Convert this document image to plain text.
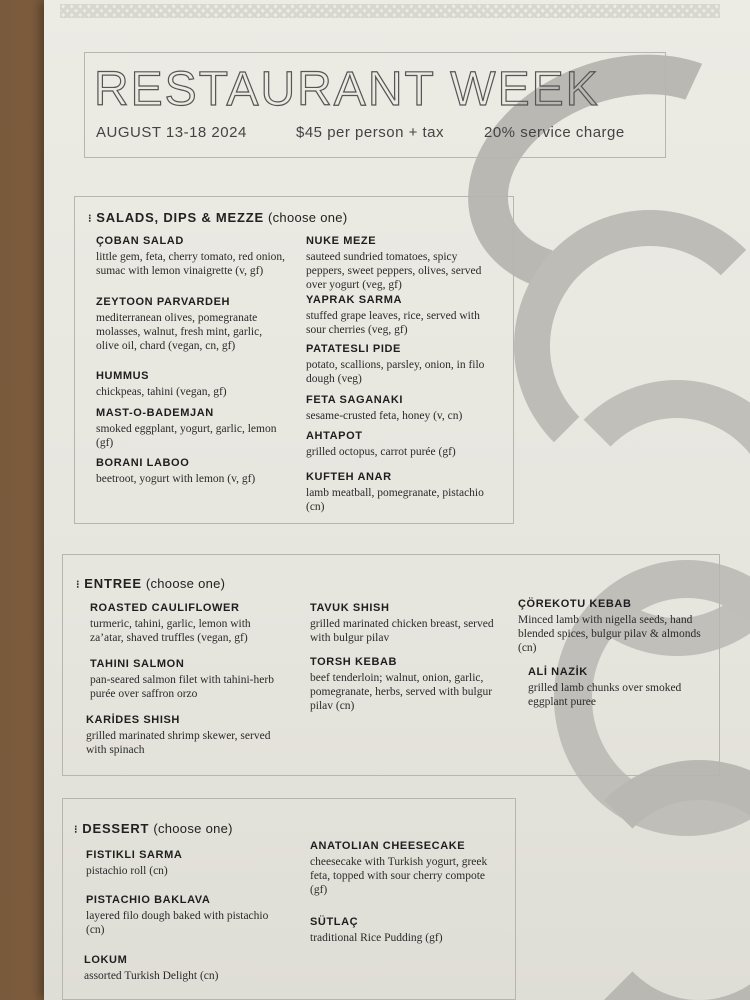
RESTAURANT WEEK
AUGUST 13-18 2024	$45 per person + tax	20% service charge
⁝ SALADS, DIPS & MEZZE (choose one)
ÇOBAN SALAD
little gem, feta, cherry tomato, red onion, sumac with lemon vinaigrette (v, gf)
ZEYTOON PARVARDEH
mediterranean olives, pomegranate molasses, walnut, fresh mint, garlic, olive oil, chard (vegan, cn, gf)
HUMMUS
chickpeas, tahini (vegan, gf)
MAST-O-BADEMJAN
smoked eggplant, yogurt, garlic, lemon (gf)
BORANI LABOO
beetroot, yogurt with lemon (v, gf)
NUKE MEZE
sauteed sundried tomatoes, spicy peppers, sweet peppers, olives, served over yogurt (veg, gf)
YAPRAK SARMA
stuffed grape leaves, rice, served with sour cherries (veg, gf)
PATATESLI PIDE
potato, scallions, parsley, onion, in filo dough (veg)
FETA SAGANAKI
sesame-crusted feta, honey (v, cn)
AHTAPOT
grilled octopus, carrot purée (gf)
KUFTEH ANAR
lamb meatball, pomegranate, pistachio (cn)
⁝ ENTREE (choose one)
ROASTED CAULIFLOWER
turmeric, tahini, garlic, lemon with za’atar, shaved truffles (vegan, gf)
TAHINI SALMON
pan-seared salmon filet with tahini-herb purée over saffron orzo
KARİDES SHISH
grilled marinated shrimp skewer, served with spinach
TAVUK SHISH
grilled marinated chicken breast, served with bulgur pilav
TORSH KEBAB
beef tenderloin; walnut, onion, garlic, pomegranate, herbs, served with bulgur pilav (cn)
ÇÖREKOTU KEBAB
Minced lamb with nigella seeds, hand blended spices, bulgur pilav & almonds (cn)
ALİ NAZİK
grilled lamb chunks over smoked eggplant puree
⁝ DESSERT (choose one)
FISTIKLI SARMA
pistachio roll (cn)
PISTACHIO BAKLAVA
layered filo dough baked with pistachio (cn)
LOKUM
assorted Turkish Delight (cn)
ANATOLIAN CHEESECAKE
cheesecake with Turkish yogurt, greek feta, topped with sour cherry compote (gf)
SÜTLAÇ
traditional Rice Pudding (gf)
